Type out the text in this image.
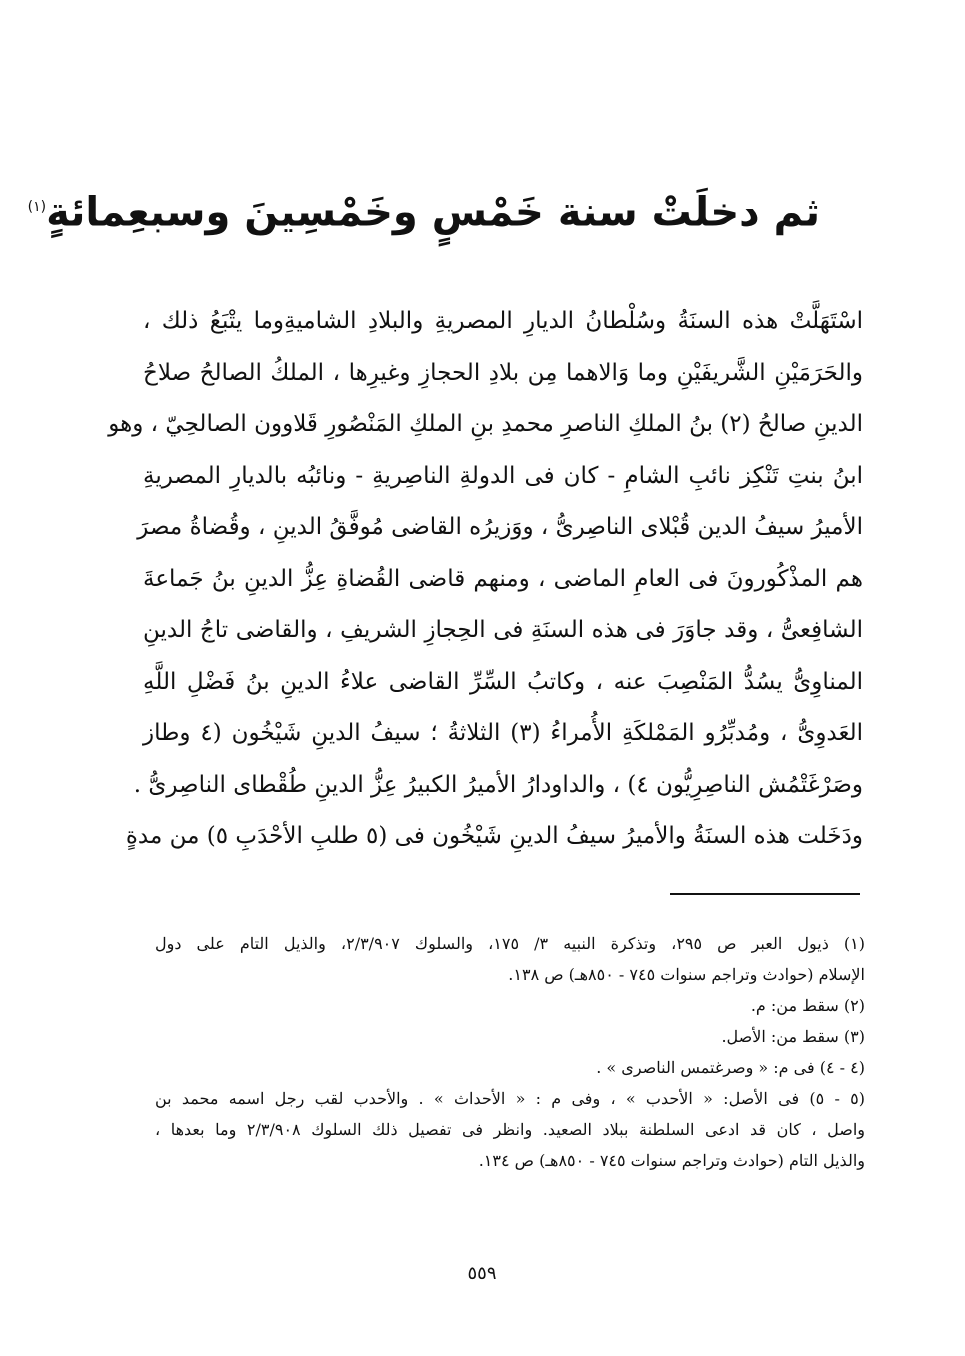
ثم دخلَتْ سنة خَمْسٍ وخَمْسِينَ وسبعِمائةٍ$^{(١)}$
اسْتَهَلَّتْ هذه السنَةُ وسُلْطانُ الديارِ المصريةِ والبلادِ الشاميةِوما يتْبَعُ ذلك ،
والحَرَمَيْنِ الشَّريفَيْنِ وما وَالاهما مِن بلادِ الحجازِ وغيرِها ، الملكُ الصالحُ صلاحُ
الدينِ صالحُ (٢) بنُ الملكِ الناصرِ محمدِ بنِ الملكِ المَنْصُورِ قَلاوون الصالحِيّ ، وهو
ابنُ بنتِ تَنْكِز نائبِ الشامِ - كان فى الدولةِ الناصِريةِ - ونائبُه بالديارِ المصريةِ
الأميرُ سيفُ الدين قُبْلاى الناصِرىُّ ، ووَزيرُه القاضى مُوفَّقُ الدينِ ، وقُضاةُ مصرَ
هم المذْكُورونَ فى العامِ الماضى ، ومنهم قاضى القُضاةِ عِزُّ الدينِ بنُ جَماعةَ
الشافِعىُّ ، وقد جاوَرَ فى هذه السنَةِ فى الحِجازِ الشريفِ ، والقاضى تاجُ الدينِ
المناوِىُّ يسُدُّ المَنْصِبَ عنه ، وكاتبُ السِّرِّ القاضى علاءُ الدينِ بنُ فَضْلِ اللَّهِ
العَدوِىُّ ، ومُدبِّرُو المَمْلكَةِ الأُمراءُ (٣) الثلاثةُ ؛ سيفُ الدينِ شَيْخُون (٤ وطاز
وصَرْغَتْمُش الناصِرِيُّون ٤) ، والداودارُ الأميرُ الكبيرُ عِزُّ الدينِ طُقْطاى الناصِرىُّ .
ودَخَلت هذه السنَةُ والأميرُ سيفُ الدينِ شَيْخُون فى (٥ طلبِ الأحْدَبِ ٥) من مدةٍ
(١) ذيول العبر ص ٢٩٥، وتذكرة النبيه ٣/ ١٧٥، والسلوك ٢/٣/٩٠٧، والذيل التام على دول
الإسلام (حوادث وتراجم سنوات ٧٤٥ - ٨٥٠هـ) ص ١٣٨.
(٢) سقط من: م.
(٣) سقط من: الأصل.
(٤ - ٤) فى م: « وصرغتمس الناصرى » .
(٥ - ٥) فى الأصل: « الأحدب » ، وفى م : « الأحداث » . والأحدب لقب رجل اسمه محمد بن
واصل ، كان قد ادعى السلطنة ببلاد الصعيد. وانظر فى تفصيل ذلك السلوك ٢/٣/٩٠٨ وما بعدها ،
والذيل التام (حوادث وتراجم سنوات ٧٤٥ - ٨٥٠هـ) ص ١٣٤.
٥٥٩
